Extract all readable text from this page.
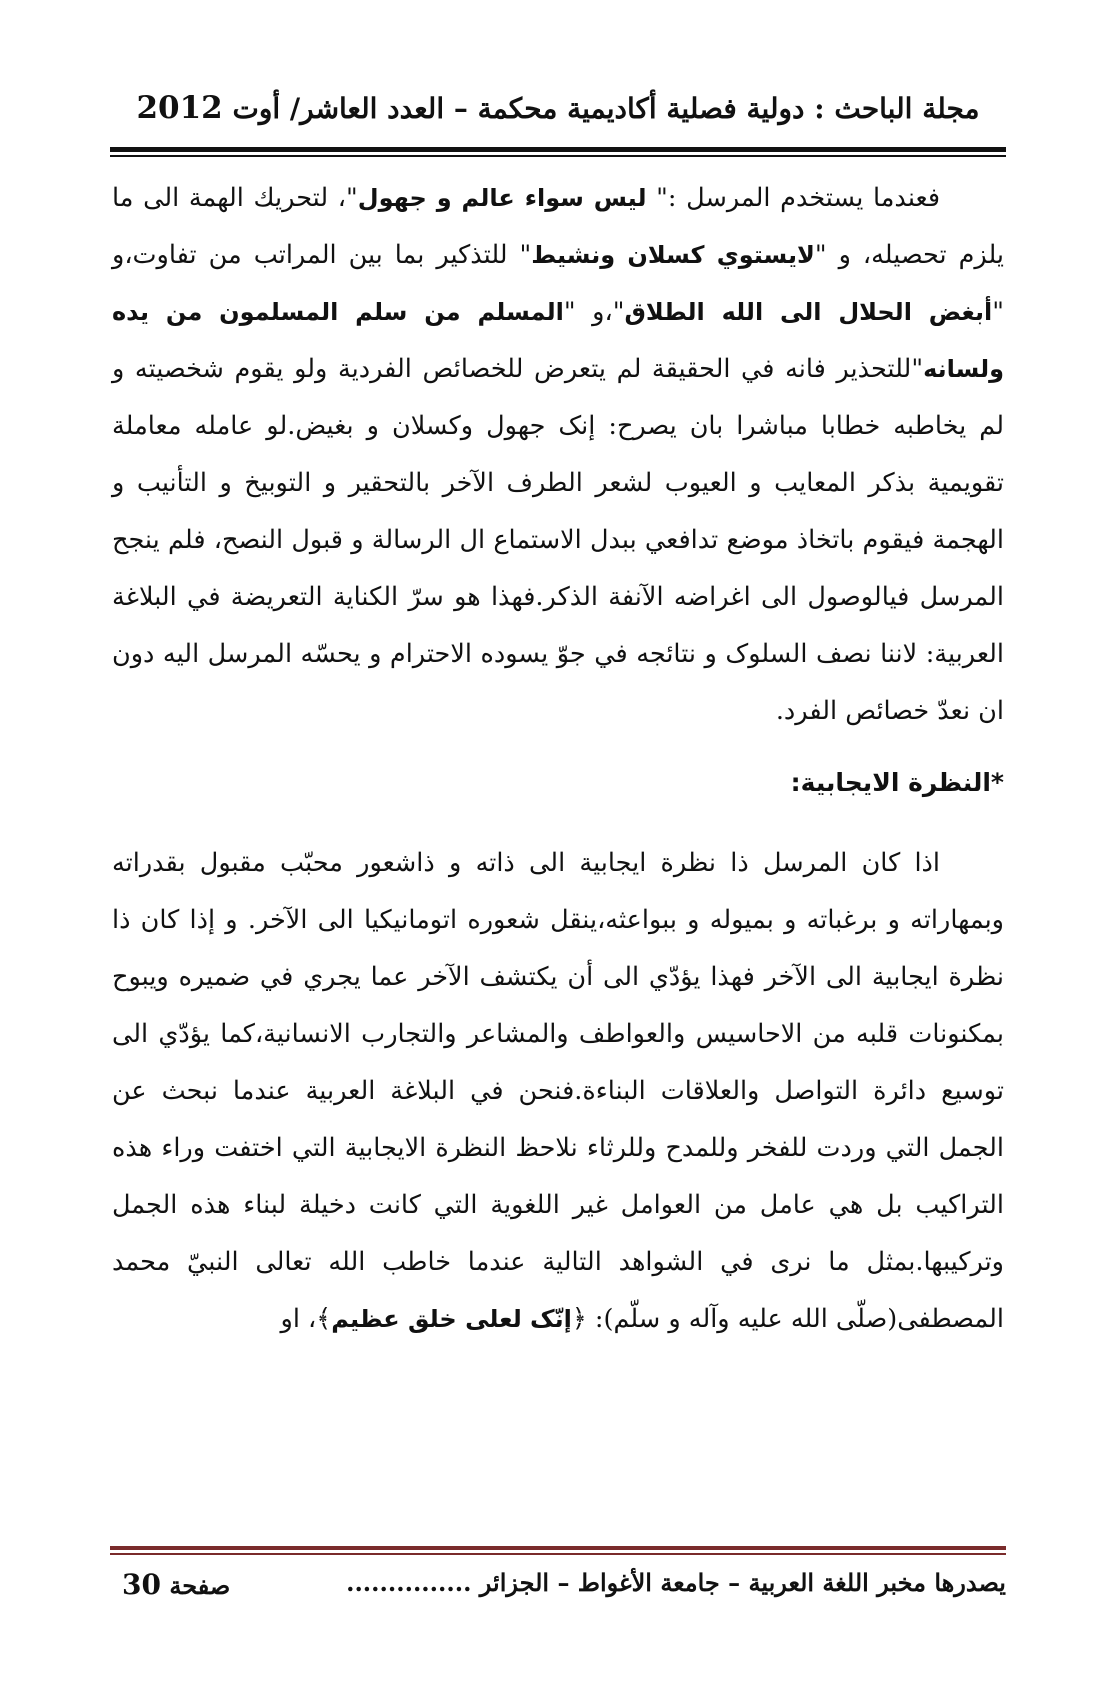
مجلة الباحث : دولية فصلية أكاديمية محكمة – العدد العاشر/ أوت 2012

فعندما يستخدم المرسل :" ليس سواء عالم و جهول"، لتحريك الهمة الى ما يلزم تحصيله، و "لايستوي كسلان ونشيط" للتذكير بما بين المراتب من تفاوت،و "أبغض الحلال الى الله الطلاق"،و "المسلم من سلم المسلمون من يده ولسانه"للتحذير فانه في الحقيقة لم يتعرض للخصائص الفردية ولو يقوم شخصيته و لم يخاطبه خطابا مباشرا بان يصرح: إنک جهول وکسلان و بغيض.لو عامله معاملة تقويمية بذكر المعايب و العيوب لشعر الطرف الآخر بالتحقير و التوبيخ و التأنيب و الهجمة فيقوم باتخاذ موضع تدافعي ببدل الاستماع ال الرسالة و قبول النصح، فلم ينجح المرسل فيالوصول الى اغراضه الآنفة الذكر.فهذا هو سرّ الكناية التعريضة في البلاغة العربية: لاننا نصف السلوک و نتائجه في جوّ يسوده الاحترام و يحسّه المرسل اليه دون ان نعدّ خصائص الفرد.

*النظرة الايجابية:

اذا كان المرسل ذا نظرة ايجابية الى ذاته و ذاشعور محبّب مقبول بقدراته وبمهاراته و برغباته و بميوله و ببواعثه،ينقل شعوره اتومانيكيا الى الآخر. و إذا كان ذا نظرة ايجابية الى الآخر فهذا يؤدّي الى أن يكتشف الآخر عما يجري في ضميره ويبوح بمكنونات قلبه من الاحاسيس والعواطف والمشاعر والتجارب الانسانية،كما يؤدّي الى توسيع دائرة التواصل والعلاقات البناءة.فنحن في البلاغة العربية عندما نبحث عن الجمل التي وردت للفخر وللمدح وللرثاء نلاحظ النظرة الايجابية التي اختفت وراء هذه التراكيب بل هي عامل من العوامل غير اللغوية التي كانت دخيلة لبناء هذه الجمل وتركيبها.بمثل ما نرى في الشواهد التالية عندما خاطب الله تعالى النبيّ محمد المصطفى(صلّى الله عليه وآله و سلّم): ﴿إنّک لعلى خلق عظيم﴾، او

يصدرها مخبر اللغة العربية – جامعة الأغواط – الجزائر ...............
صفحة 30
